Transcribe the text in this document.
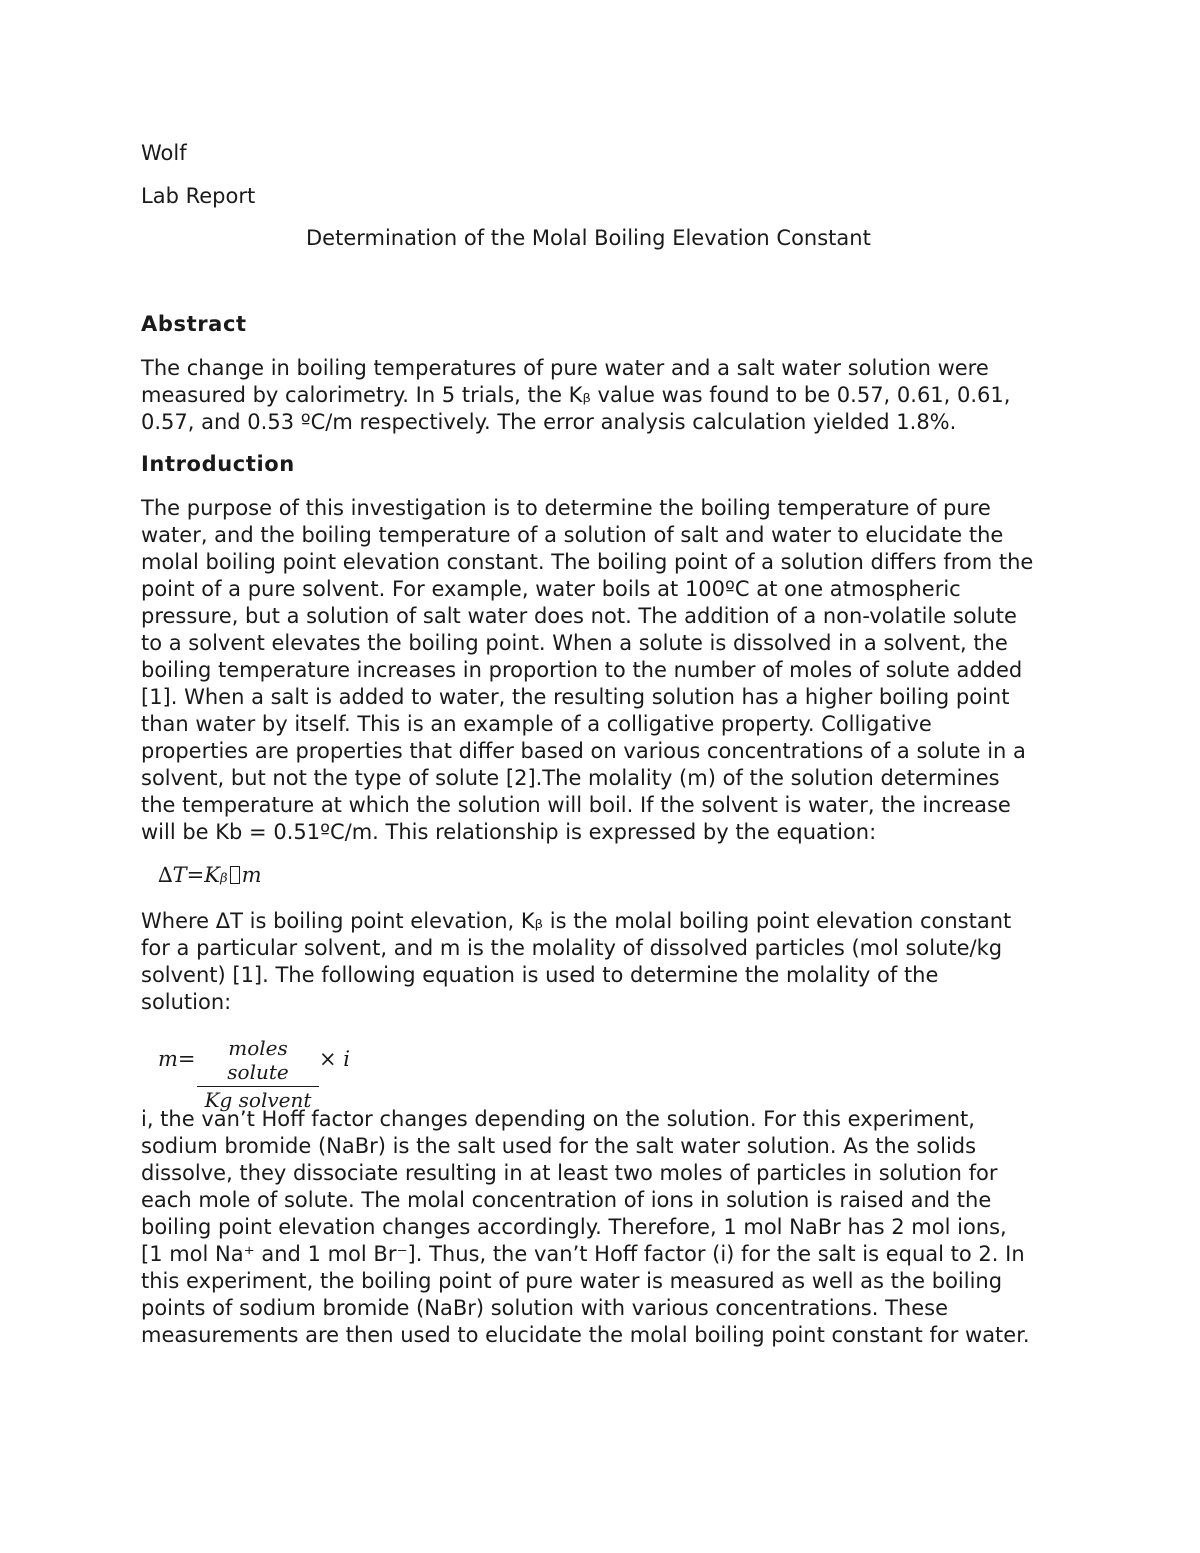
Wolf
Lab Report
Determination of the Molal Boiling Elevation Constant
Abstract
The change in boiling temperatures of pure water and a salt water solution were
measured by calorimetry. In 5 trials, the Kᵦ value was found to be 0.57, 0.61, 0.61,
0.57, and 0.53 ºC/m respectively. The error analysis calculation yielded 1.8%.
Introduction
The purpose of this investigation is to determine the boiling temperature of pure
water, and the boiling temperature of a solution of salt and water to elucidate the
molal boiling point elevation constant. The boiling point of a solution differs from the
point of a pure solvent. For example, water boils at 100ºC at one atmospheric
pressure, but a solution of salt water does not. The addition of a non-volatile solute
to a solvent elevates the boiling point. When a solute is dissolved in a solvent, the
boiling temperature increases in proportion to the number of moles of solute added
[1]. When a salt is added to water, the resulting solution has a higher boiling point
than water by itself. This is an example of a colligative property. Colligative
properties are properties that differ based on various concentrations of a solute in a
solvent, but not the type of solute [2].The molality (m) of the solution determines
the temperature at which the solution will boil. If the solvent is water, the increase
will be Kb = 0.51ºC/m. This relationship is expressed by the equation:
∆T=Kᵦ m
Where ΔT is boiling point elevation, Kᵦ is the molal boiling point elevation constant
for a particular solvent, and m is the molality of dissolved particles (mol solute/kg
solvent) [1]. The following equation is used to determine the molality of the
solution:
m=	moles solute
Kg solvent
× i
i, the van’t Hoff factor changes depending on the solution. For this experiment,
sodium bromide (NaBr) is the salt used for the salt water solution. As the solids
dissolve, they dissociate resulting in at least two moles of particles in solution for
each mole of solute. The molal concentration of ions in solution is raised and the
boiling point elevation changes accordingly. Therefore, 1 mol NaBr has 2 mol ions,
[1 mol Na⁺ and 1 mol Br⁻]. Thus, the van’t Hoff factor (i) for the salt is equal to 2. In
this experiment, the boiling point of pure water is measured as well as the boiling
points of sodium bromide (NaBr) solution with various concentrations. These
measurements are then used to elucidate the molal boiling point constant for water.
